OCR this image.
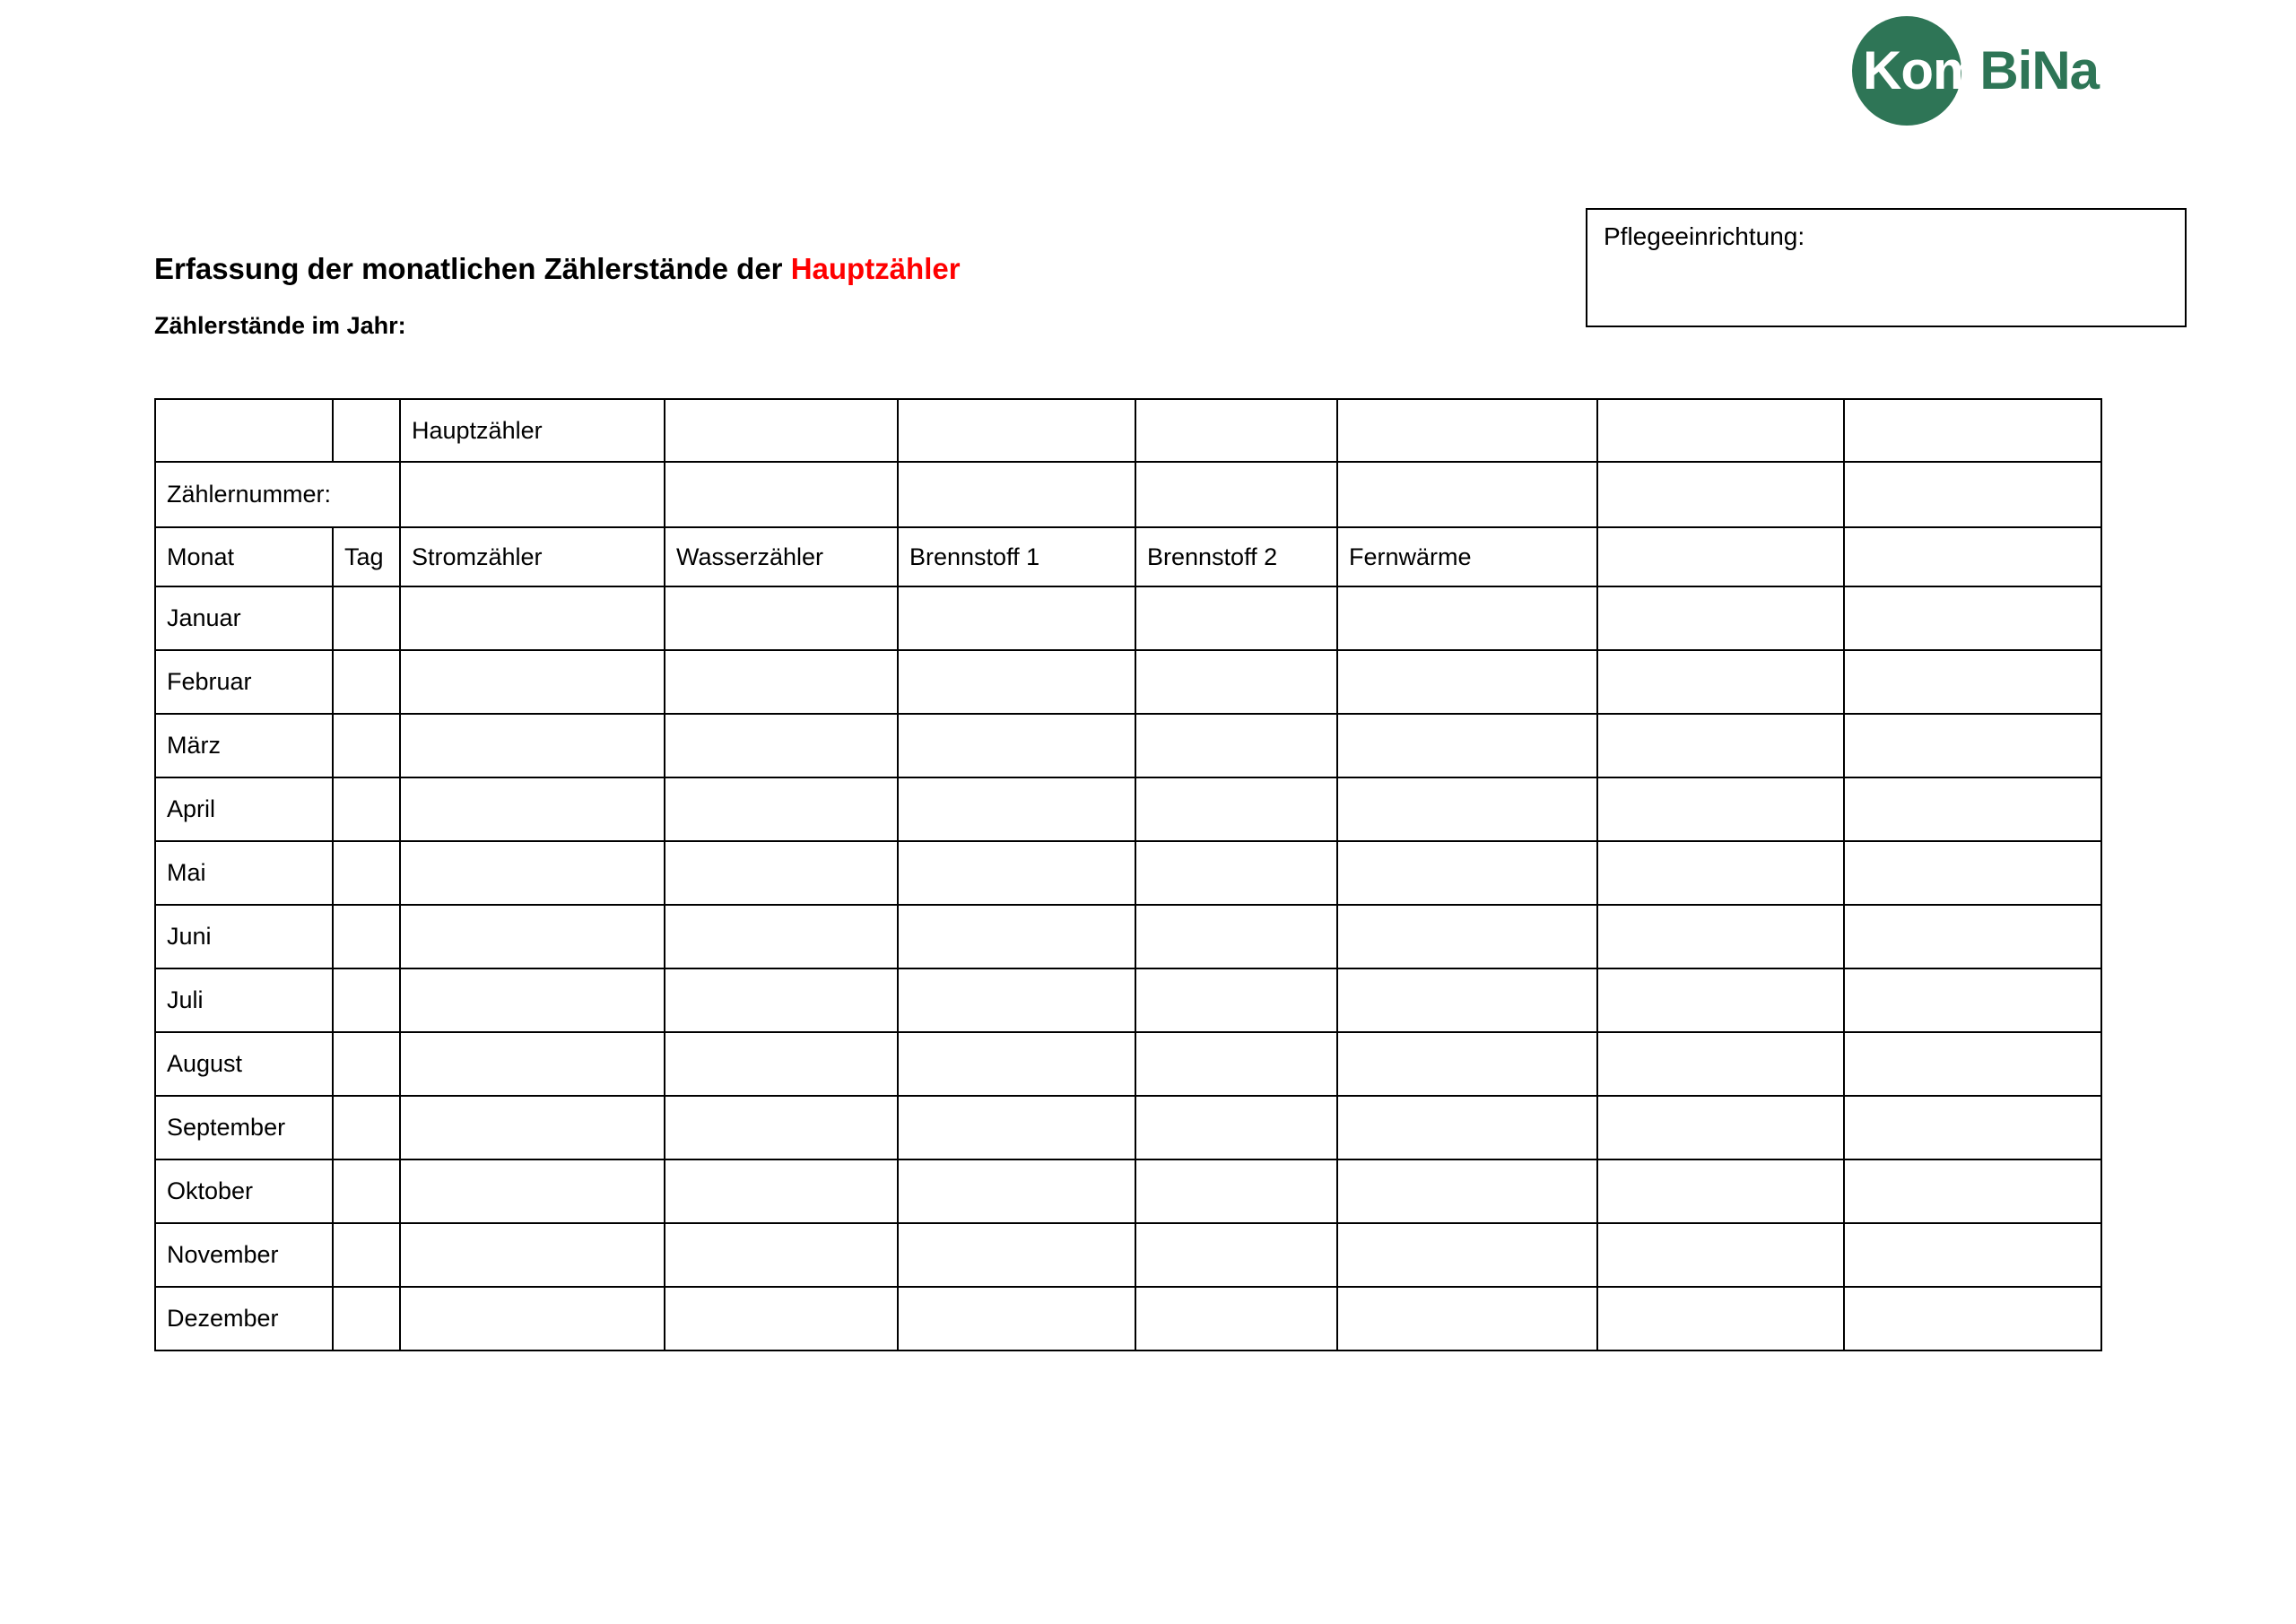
KomBiNa
Pflegeeinrichtung:
Erfassung der monatlichen Zählerstände der Hauptzähler
Zählerstände im Jahr:
		Hauptzähler						
Zählernummer:								
Monat	Tag	Stromzähler	Wasserzähler	Brennstoff 1	Brennstoff 2	Fernwärme		
Januar								
Februar								
März								
April								
Mai								
Juni								
Juli								
August								
September								
Oktober								
November								
Dezember								
